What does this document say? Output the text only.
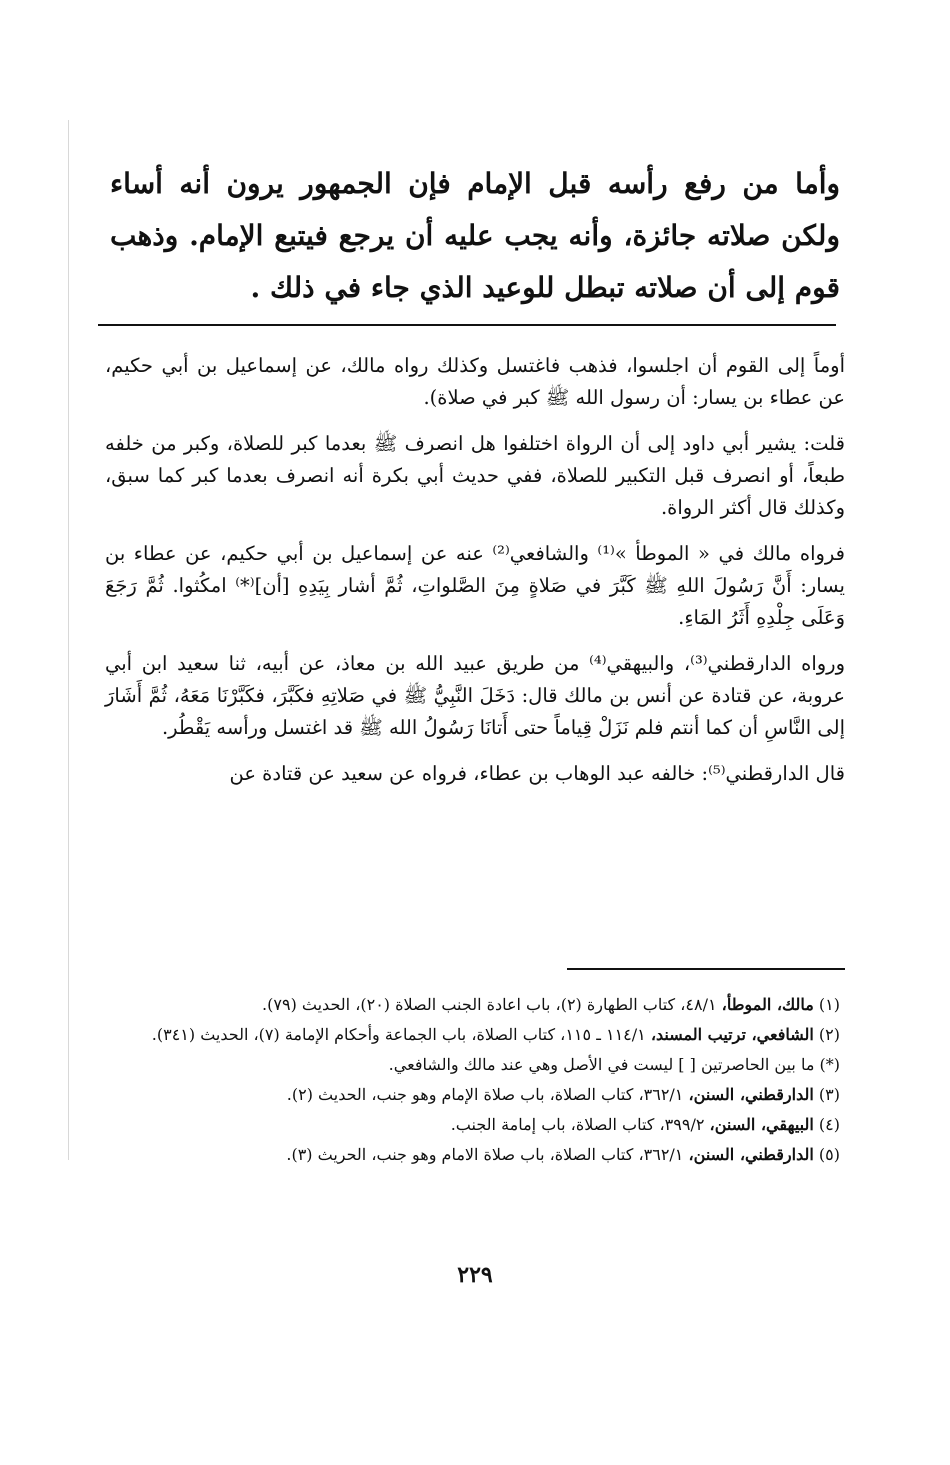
وأما من رفع رأسه قبل الإمام فإن الجمهور يرون أنه أساء ولكن صلاته جائزة، وأنه يجب عليه أن يرجع فيتبع الإمام. وذهب قوم إلى أن صلاته تبطل للوعيد الذي جاء في ذلك .

أوماً إلى القوم أن اجلسوا، فذهب فاغتسل وكذلك رواه مالك، عن إسماعيل بن أبي حكيم، عن عطاء بن يسار: أن رسول الله ﷺ كبر في صلاة).

قلت: يشير أبي داود إلى أن الرواة اختلفوا هل انصرف ﷺ بعدما كبر للصلاة، وكبر من خلفه طبعاً، أو انصرف قبل التكبير للصلاة، ففي حديث أبي بكرة أنه انصرف بعدما كبر كما سبق، وكذلك قال أكثر الرواة.

فرواه مالك في « الموطأ »⁽¹⁾ والشافعي⁽²⁾ عنه عن إسماعيل بن أبي حكيم، عن عطاء بن يسار: أَنَّ رَسُولَ اللهِ ﷺ كَبَّرَ في صَلاةٍ مِنَ الصَّلواتِ، ثُمَّ أشار بِيَدِهِ [أن]⁽*⁾ امكُثوا. ثُمَّ رَجَعَ وَعَلَى جِلْدِهِ أَثَرُ المَاءِ.

ورواه الدارقطني⁽³⁾، والبيهقي⁽⁴⁾ من طريق عبيد الله بن معاذ، عن أبيه، ثنا سعيد ابن أبي عروبة، عن قتادة عن أنس بن مالك قال: دَخَلَ النَّبِيُّ ﷺ في صَلاتِهِ فكَبَّرَ، فكَبَّرْنَا مَعَهُ، ثُمَّ أَشَارَ إلى النَّاسِ أن كما أنتم فلم نَزَلْ قِياماً حتى أَتانَا رَسُولُ الله ﷺ قد اغتسل ورأسه يَقْطُر.

قال الدارقطني⁽⁵⁾: خالفه عبد الوهاب بن عطاء، فرواه عن سعيد عن قتادة عن

(١) مالك، الموطأ، ٤٨/١، كتاب الطهارة (٢)، باب اعادة الجنب الصلاة (٢٠)، الحديث (٧٩).

(٢) الشافعي، ترتيب المسند، ١١٤/١ ـ ١١٥، كتاب الصلاة، باب الجماعة وأحكام الإمامة (٧)، الحديث (٣٤١).

(*) ما بين الحاصرتين [ ] ليست في الأصل وهي عند مالك والشافعي.

(٣) الدارقطني، السنن، ٣٦٢/١، كتاب الصلاة، باب صلاة الإمام وهو جنب، الحديث (٢).

(٤) البيهقي، السنن، ٣٩٩/٢، كتاب الصلاة، باب إمامة الجنب.

(٥) الدارقطني، السنن، ٣٦٢/١، كتاب الصلاة، باب صلاة الامام وهو جنب، الحريث (٣).

٢٢٩
